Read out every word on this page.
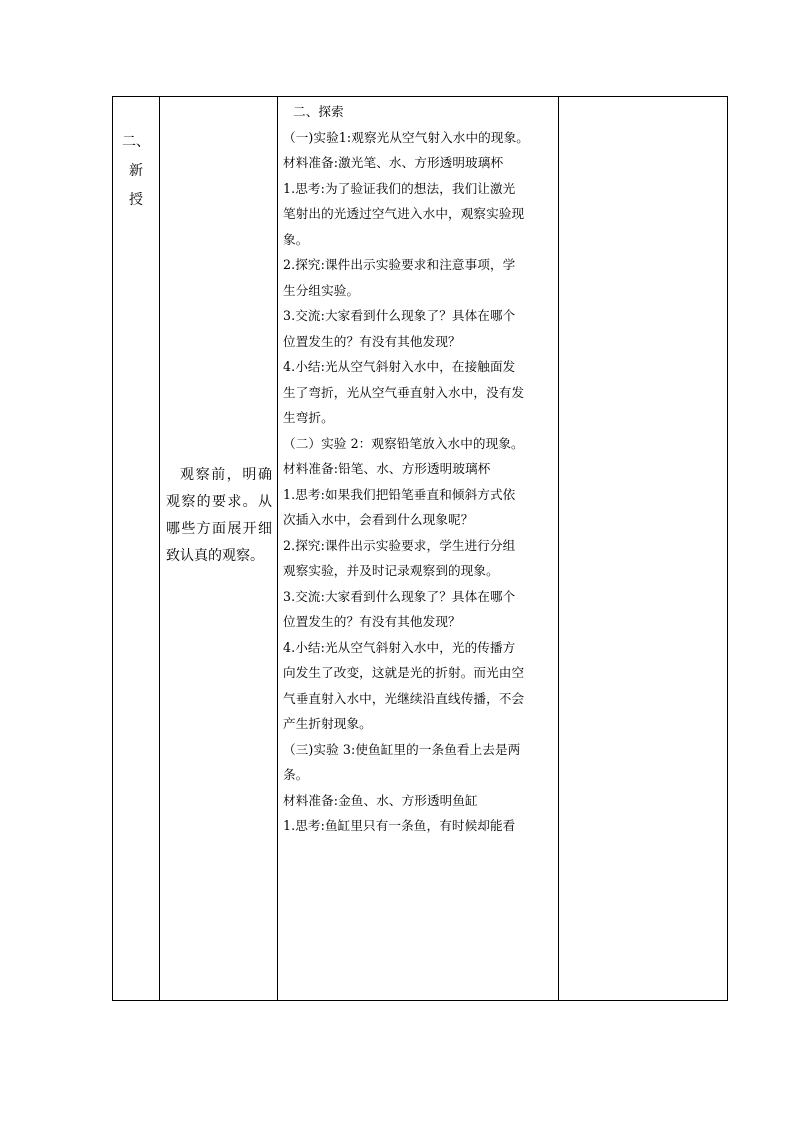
二、
新
授

观察前，明确观察的要求。从哪些方面展开细致认真的观察。

二、探索
（一)实验1:观察光从空气射入水中的现象。
材料准备:激光笔、水、方形透明玻璃杯
1.思考:为了验证我们的想法，我们让激光
笔射出的光透过空气进入水中，观察实验现
象。
2.探究:课件出示实验要求和注意事项，学
生分组实验。
3.交流:大家看到什么现象了？具体在哪个
位置发生的？有没有其他发现？
4.小结:光从空气斜射入水中，在接触面发
生了弯折，光从空气垂直射入水中，没有发
生弯折。
（二）实验 2：观察铅笔放入水中的现象。
材料准备:铅笔、水、方形透明玻璃杯
1.思考:如果我们把铅笔垂直和倾斜方式依
次插入水中，会看到什么现象呢？
2.探究:课件出示实验要求，学生进行分组
观察实验，并及时记录观察到的现象。
3.交流:大家看到什么现象了？具体在哪个
位置发生的？有没有其他发现？
4.小结:光从空气斜射入水中，光的传播方
向发生了改变，这就是光的折射。而光由空
气垂直射入水中，光继续沿直线传播，不会
产生折射现象。
（三)实验 3:使鱼缸里的一条鱼看上去是两
条。
材料准备:金鱼、水、方形透明鱼缸
1.思考:鱼缸里只有一条鱼，有时候却能看
